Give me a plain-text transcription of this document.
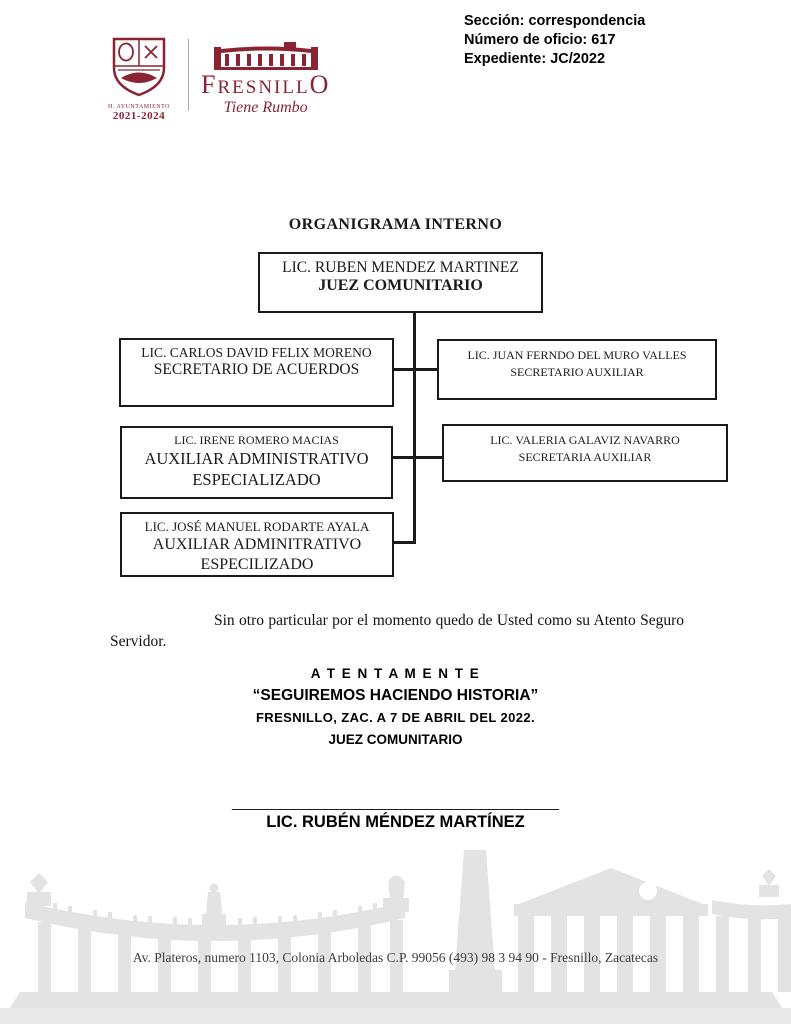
Sección: correspondencia
Número de oficio: 617
Expediente: JC/2022
H. AYUNTAMIENTO
2021-2024
FRESNILLO
Tiene Rumbo
ORGANIGRAMA INTERNO
LIC. RUBEN MENDEZ MARTINEZ
JUEZ COMUNITARIO
LIC. CARLOS DAVID FELIX MORENO
SECRETARIO DE ACUERDOS
LIC. JUAN FERNDO DEL MURO VALLES
SECRETARIO AUXILIAR
LIC. IRENE ROMERO MACIAS
AUXILIAR ADMINISTRATIVO ESPECIALIZADO
LIC. VALERIA GALAVIZ NAVARRO
SECRETARIA AUXILIAR
LIC. JOSÉ MANUEL RODARTE AYALA
AUXILIAR ADMINITRATIVO ESPECILIZADO
Sin otro particular por el momento quedo de Usted como su Atento Seguro Servidor.
A T E N T A M E N T E
“SEGUIREMOS HACIENDO HISTORIA”
FRESNILLO, ZAC. A 7 DE ABRIL DEL 2022.
JUEZ COMUNITARIO
__________________________________________
LIC. RUBÉN MÉNDEZ MARTÍNEZ
Av. Plateros, numero 1103, Colonia Arboledas C.P. 99056 (493) 98 3 94 90 - Fresnillo, Zacatecas
